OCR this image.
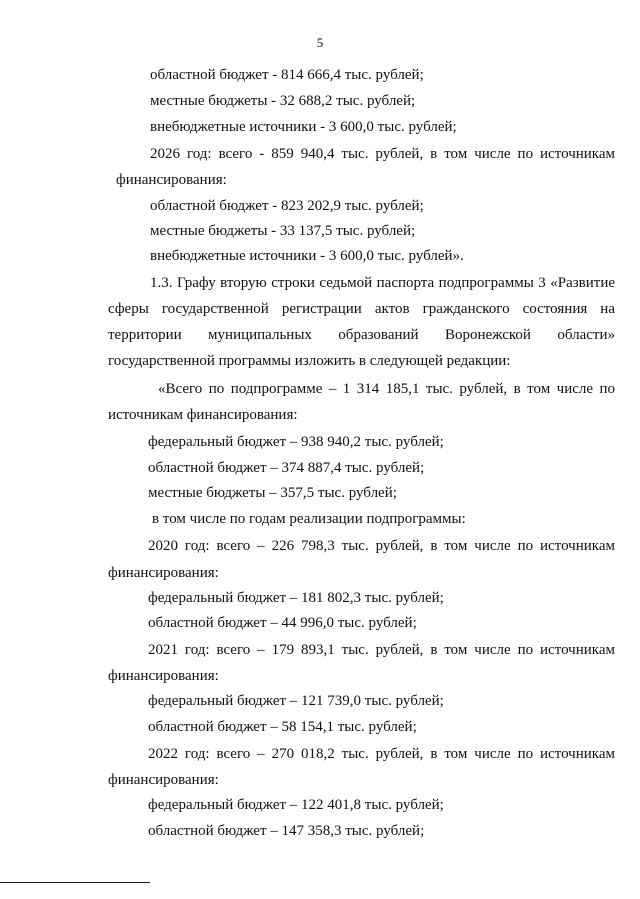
5
областной бюджет - 814 666,4 тыс. рублей;
местные бюджеты - 32 688,2 тыс. рублей;
внебюджетные источники - 3 600,0 тыс. рублей;
2026 год: всего - 859 940,4 тыс. рублей, в том числе по источникам
финансирования:
областной бюджет - 823 202,9 тыс. рублей;
местные бюджеты - 33 137,5 тыс. рублей;
внебюджетные источники - 3 600,0 тыс. рублей».
1.3. Графу вторую строки седьмой паспорта подпрограммы 3 «Развитие
сферы государственной регистрации актов гражданского состояния на
территории муниципальных образований Воронежской области»
государственной программы изложить в следующей редакции:
«Всего по подпрограмме – 1 314 185,1 тыс. рублей, в том числе по
источникам финансирования:
федеральный бюджет – 938 940,2 тыс. рублей;
областной бюджет – 374 887,4 тыс. рублей;
местные бюджеты – 357,5 тыс. рублей;
в том числе по годам реализации подпрограммы:
2020 год: всего – 226 798,3 тыс. рублей, в том числе по источникам
финансирования:
федеральный бюджет – 181 802,3 тыс. рублей;
областной бюджет – 44 996,0 тыс. рублей;
2021 год: всего – 179 893,1 тыс. рублей, в том числе по источникам
финансирования:
федеральный бюджет – 121 739,0 тыс. рублей;
областной бюджет – 58 154,1 тыс. рублей;
2022 год: всего – 270 018,2 тыс. рублей, в том числе по источникам
финансирования:
федеральный бюджет – 122 401,8 тыс. рублей;
областной бюджет – 147 358,3 тыс. рублей;
